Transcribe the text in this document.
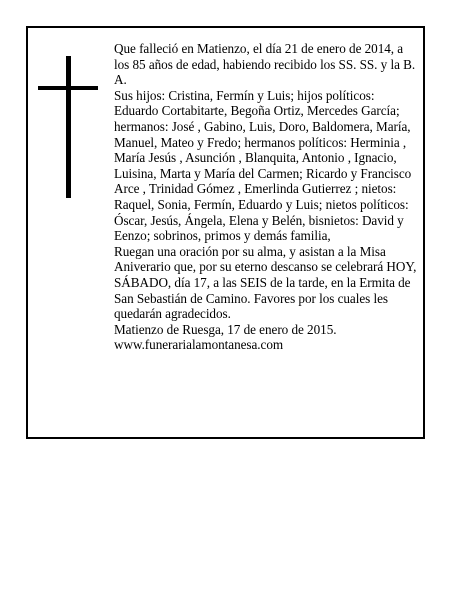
Que falleció en Matienzo, el día 21 de enero de 2014, a los 85 años de edad, habiendo recibido los SS. SS. y la B. A.

Sus hijos: Cristina, Fermín y Luis; hijos políticos: Eduardo Cortabitarte, Begoña Ortiz, Mercedes García; hermanos: José , Gabino, Luis, Doro, Baldomera, María, Manuel, Mateo y Fredo; hermanos políticos: Herminia , María Jesús , Asunción , Blanquita, Antonio , Ignacio, Luisina, Marta y María del Carmen; Ricardo y Francisco Arce , Trinidad Gómez , Emerlinda Gutierrez ; nietos: Raquel, Sonia, Fermín, Eduardo y Luis; nietos políticos: Óscar, Jesús, Ángela, Elena y Belén, bisnietos: David y Eenzo; sobrinos, primos y demás familia,

Ruegan una oración por su alma, y asistan a la Misa Aniverario que, por su eterno descanso se celebrará HOY, SÁBADO, día 17, a las SEIS de la tarde, en la Ermita de San Sebastián de Camino. Favores por los cuales les quedarán agradecidos.

Matienzo de Ruesga, 17 de enero de 2015.

www.funerarialamontanesa.com
